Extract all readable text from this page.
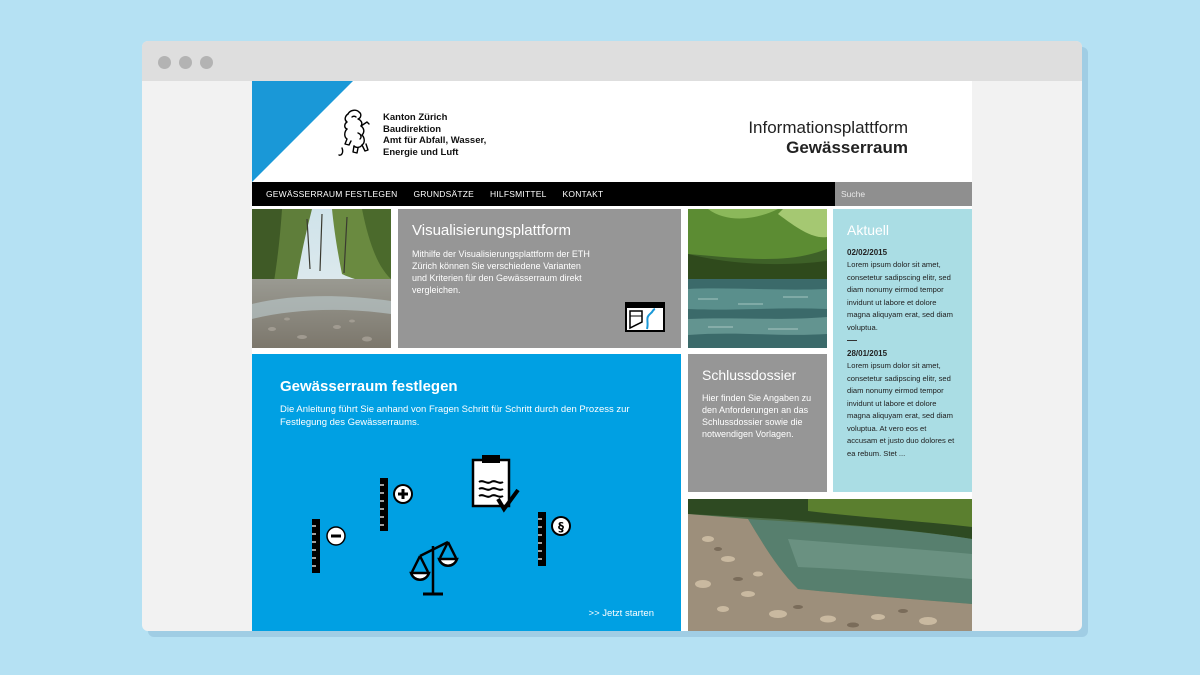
Kanton Zürich
Baudirektion
Amt für Abfall, Wasser,
Energie und Luft
Informationsplattform
Gewässerraum
GEWÄSSERRAUM FESTLEGEN GRUNDSÄTZE HILFSMITTEL KONTAKT	Suche
Visualisierungsplattform

Mithilfe der Visualisierungsplattform der ETH Zürich können Sie verschiedene Varianten und Kriterien für den Gewässerraum direkt vergleichen.

Aktuell
02/02/2015
Lorem ipsum dolor sit amet, consetetur sadipscing elitr, sed diam nonumy eirmod tempor invidunt ut labore et dolore magna aliquyam erat, sed diam voluptua.
28/01/2015
Lorem ipsum dolor sit amet, consetetur sadipscing elitr, sed diam nonumy eirmod tempor invidunt ut labore et dolore magna aliquyam erat, sed diam voluptua. At vero eos et accusam et justo duo dolores et ea rebum. Stet ...
§
Gewässerraum festlegen

Die Anleitung führt Sie anhand von Fragen Schritt für Schritt durch den Prozess zur Festlegung des Gewässerraums.

>> Jetzt starten
Schlussdossier

Hier finden Sie Angaben zu den Anforderungen an das Schlussdossier sowie die notwendigen Vorlagen.
